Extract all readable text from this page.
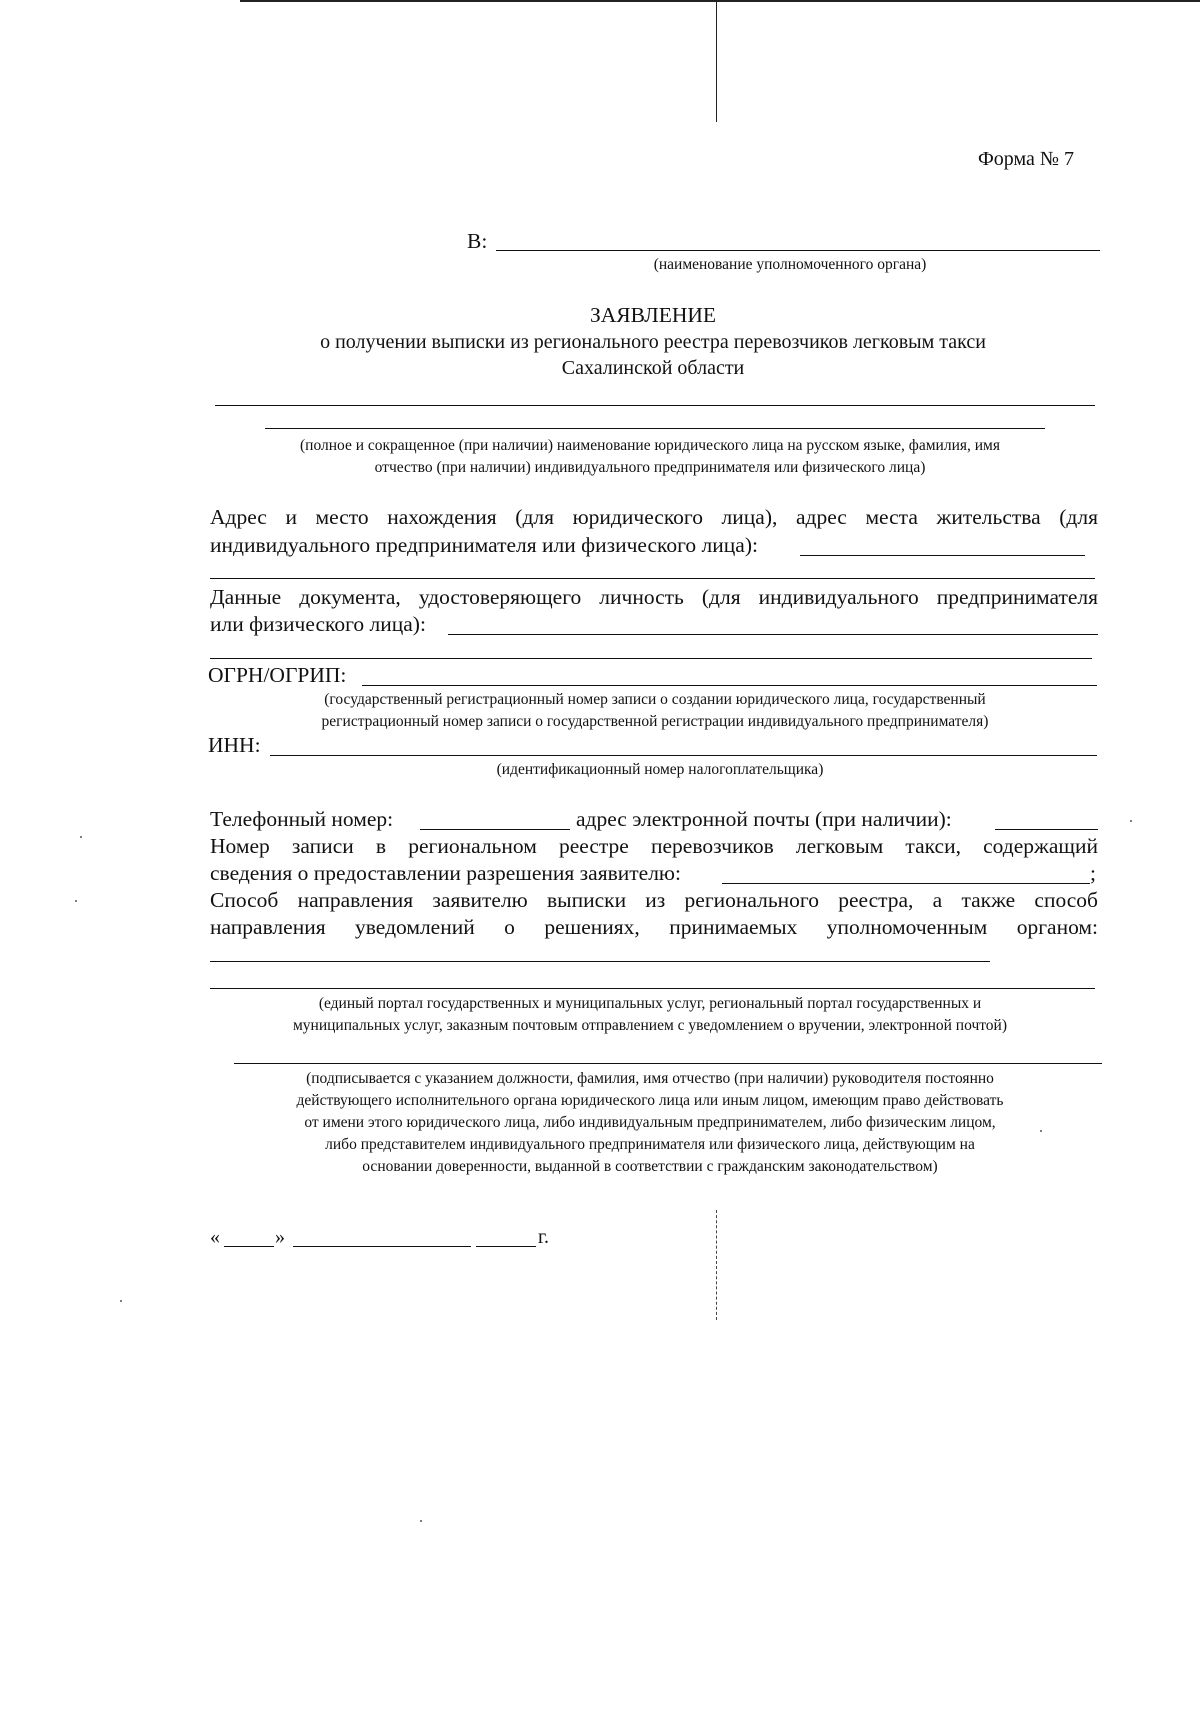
Форма № 7
В:
(наименование уполномоченного органа)
ЗАЯВЛЕНИЕ
о получении выписки из регионального реестра перевозчиков легковым такси
Сахалинской области
(полное и сокращенное (при наличии) наименование юридического лица на русском языке, фамилия, имя
отчество (при наличии) индивидуального предпринимателя или физического лица)
Адрес и место нахождения (для юридического лица), адрес места жительства (для
индивидуального предпринимателя или физического лица):
Данные документа, удостоверяющего личность (для индивидуального предпринимателя
или физического лица):
ОГРН/ОГРИП:
(государственный регистрационный номер записи о создании юридического лица, государственный
регистрационный номер записи о государственной регистрации индивидуального предпринимателя)
ИНН:
(идентификационный номер налогоплательщика)
Телефонный номер:	адрес электронной почты (при наличии):
Номер записи в региональном реестре перевозчиков легковым такси, содержащий
сведения о предоставлении разрешения заявителю:	;
Способ направления заявителю выписки из регионального реестра, а также способ
направления уведомлений о решениях, принимаемых уполномоченным органом:
(единый портал государственных и муниципальных услуг, региональный портал государственных и
муниципальных услуг, заказным почтовым отправлением с уведомлением о вручении, электронной почтой)
(подписывается с указанием должности, фамилия, имя отчество (при наличии) руководителя постоянно
действующего исполнительного органа юридического лица или иным лицом, имеющим право действовать
от имени этого юридического лица, либо индивидуальным предпринимателем, либо физическим лицом,
либо представителем индивидуального предпринимателя или физического лица, действующим на
основании доверенности, выданной в соответствии с гражданским законодательством)
«	»	г.
